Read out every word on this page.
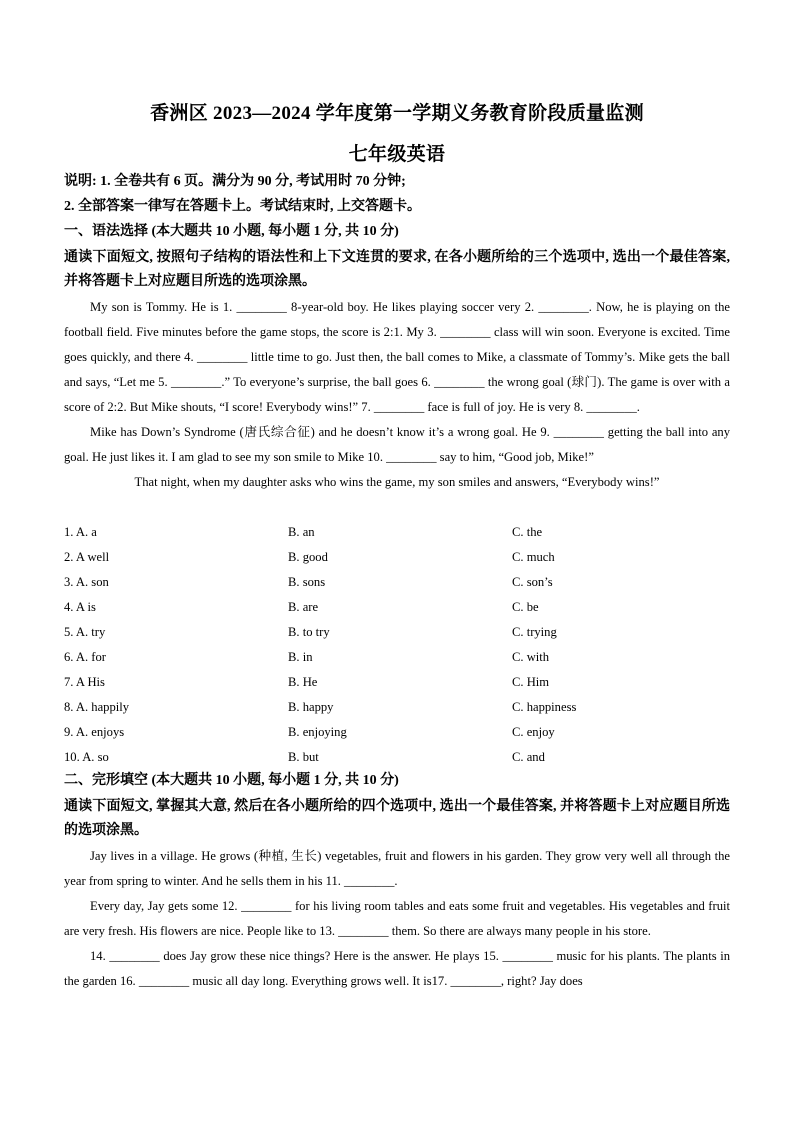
香洲区 2023—2024 学年度第一学期义务教育阶段质量监测
七年级英语
说明: 1. 全卷共有 6 页。满分为 90 分, 考试用时 70 分钟;
2. 全部答案一律写在答题卡上。考试结束时, 上交答题卡。
一、语法选择 (本大题共 10 小题, 每小题 1 分, 共 10 分)
通读下面短文, 按照句子结构的语法性和上下文连贯的要求, 在各小题所给的三个选项中, 选出一个最佳答案, 并将答题卡上对应题目所选的选项涂黑。
My son is Tommy. He is 1. ________ 8-year-old boy. He likes playing soccer very 2. ________. Now, he is playing on the football field. Five minutes before the game stops, the score is 2:1. My 3. ________ class will win soon. Everyone is excited. Time goes quickly, and there 4. ________ little time to go. Just then, the ball comes to Mike, a classmate of Tommy’s. Mike gets the ball and says, “Let me 5. ________.” To everyone’s surprise, the ball goes 6. ________ the wrong goal (球门). The game is over with a score of 2:2. But Mike shouts, “I score! Everybody wins!” 7. ________ face is full of joy. He is very 8. ________.
Mike has Down’s Syndrome (唐氏综合征) and he doesn’t know it’s a wrong goal. He 9. ________ getting the ball into any goal. He just likes it. I am glad to see my son smile to Mike 10. ________ say to him, “Good job, Mike!”
That night, when my daughter asks who wins the game, my son smiles and answers, “Everybody wins!”
1. A. a	B. an	C. the
2. A well	B. good	C. much
3. A. son	B. sons	C. son’s
4. A is	B. are	C. be
5. A. try	B. to try	C. trying
6. A. for	B. in	C. with
7. A His	B. He	C. Him
8. A. happily	B. happy	C. happiness
9. A. enjoys	B. enjoying	C. enjoy
10. A. so	B. but	C. and
二、完形填空 (本大题共 10 小题, 每小题 1 分, 共 10 分)
通读下面短文, 掌握其大意, 然后在各小题所给的四个选项中, 选出一个最佳答案, 并将答题卡上对应题目所选的选项涂黑。
Jay lives in a village. He grows (种植, 生长) vegetables, fruit and flowers in his garden. They grow very well all through the year from spring to winter. And he sells them in his 11. ________.
Every day, Jay gets some 12. ________ for his living room tables and eats some fruit and vegetables. His vegetables and fruit are very fresh. His flowers are nice. People like to 13. ________ them. So there are always many people in his store.
14. ________ does Jay grow these nice things? Here is the answer. He plays 15. ________ music for his plants. The plants in the garden 16. ________ music all day long. Everything grows well. It is17. ________, right? Jay does
